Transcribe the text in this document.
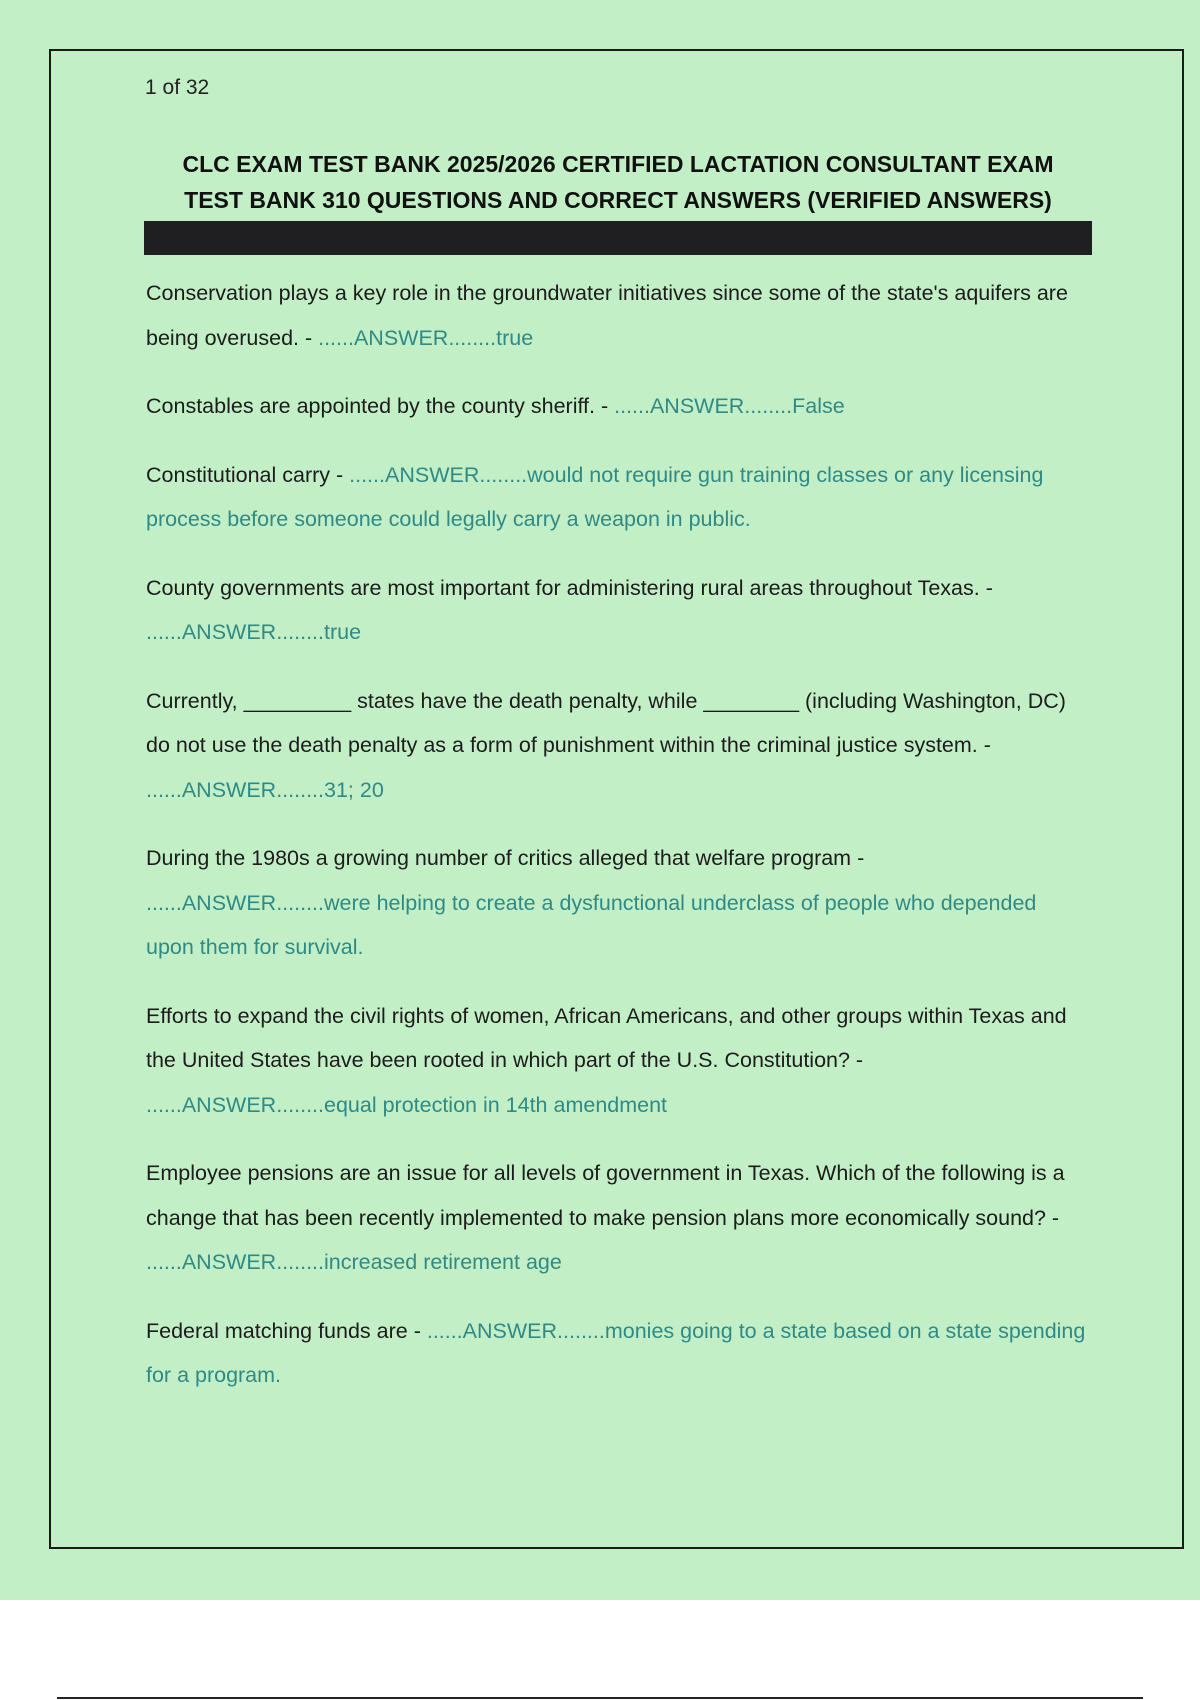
1 of 32
CLC EXAM TEST BANK 2025/2026 CERTIFIED LACTATION CONSULTANT EXAM
TEST BANK 310 QUESTIONS AND CORRECT ANSWERS (VERIFIED ANSWERS)
Conservation plays a key role in the groundwater initiatives since some of the state's aquifers are being overused. - ......ANSWER........true
Constables are appointed by the county sheriff. - ......ANSWER........False
Constitutional carry - ......ANSWER........would not require gun training classes or any licensing process before someone could legally carry a weapon in public.
County governments are most important for administering rural areas throughout Texas. - ......ANSWER........true
Currently, _________ states have the death penalty, while ________ (including Washington, DC) do not use the death penalty as a form of punishment within the criminal justice system. - ......ANSWER........31; 20
During the 1980s a growing number of critics alleged that welfare program - ......ANSWER........were helping to create a dysfunctional underclass of people who depended upon them for survival.
Efforts to expand the civil rights of women, African Americans, and other groups within Texas and the United States have been rooted in which part of the U.S. Constitution? - ......ANSWER........equal protection in 14th amendment
Employee pensions are an issue for all levels of government in Texas. Which of the following is a change that has been recently implemented to make pension plans more economically sound? - ......ANSWER........increased retirement age
Federal matching funds are - ......ANSWER........monies going to a state based on a state spending for a program.
